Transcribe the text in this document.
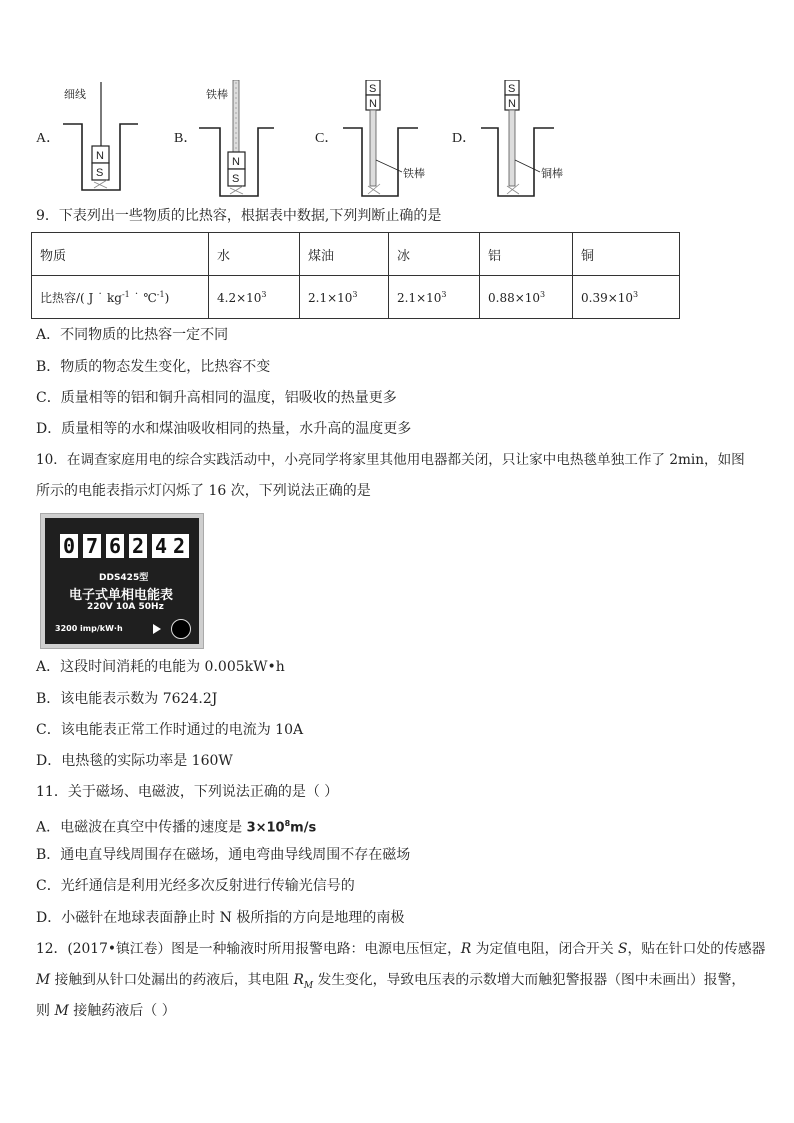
A．
N
S
细线
B．
N
S
铁棒
C．
S
N
铁棒
D．
S
N
铜棒
9．下表列出一些物质的比热容，根据表中数据,下列判断止确的是
物质	水	煤油	冰	铝	铜
比热容/( J ˙ $kg^{-1}$ ˙ ℃$^{-1}$)	$4.2\times 10^3$	$2.1\times 10^3$	$2.1\times 10^3$	$0.88\times 10^3$	$0.39\times 10^3$
A．不同物质的比热容一定不同
B．物质的物态发生变化，比热容不变
C．质量相等的铝和铜升高相同的温度，铝吸收的热量更多
D．质量相等的水和煤油吸收相同的热量，水升高的温度更多
10．在调查家庭用电的综合实践活动中，小亮同学将家里其他用电器都关闭，只让家中电热毯单独工作了 2min，如图
所示的电能表指示灯闪烁了 16 次，下列说法正确的是
0 7 6 2 4 2
DDS425型
电子式单相电能表
220V 10A 50Hz
3200 imp/kW·h
A．这段时间消耗的电能为 0.005kW•h
B．该电能表示数为 7624.2J
C．该电能表正常工作时通过的电流为 10A
D．电热毯的实际功率是 160W
11．关于磁场、电磁波，下列说法正确的是（ ）
A．电磁波在真空中传播的速度是 $3\times 10^8m/s$
B．通电直导线周围存在磁场，通电弯曲导线周围不存在磁场
C．光纤通信是利用光经多次反射进行传输光信号的
D．小磁针在地球表面静止时 N 极所指的方向是地理的南极
12．(2017•镇江卷）图是一种输液时所用报警电路：电源电压恒定，R 为定值电阻，闭合开关 S，贴在针口处的传感器
M 接触到从针口处漏出的药液后，其电阻 $R_M$ 发生变化，导致电压表的示数增大而触犯警报器（图中未画出）报警，
则 M 接触药液后（ ）
